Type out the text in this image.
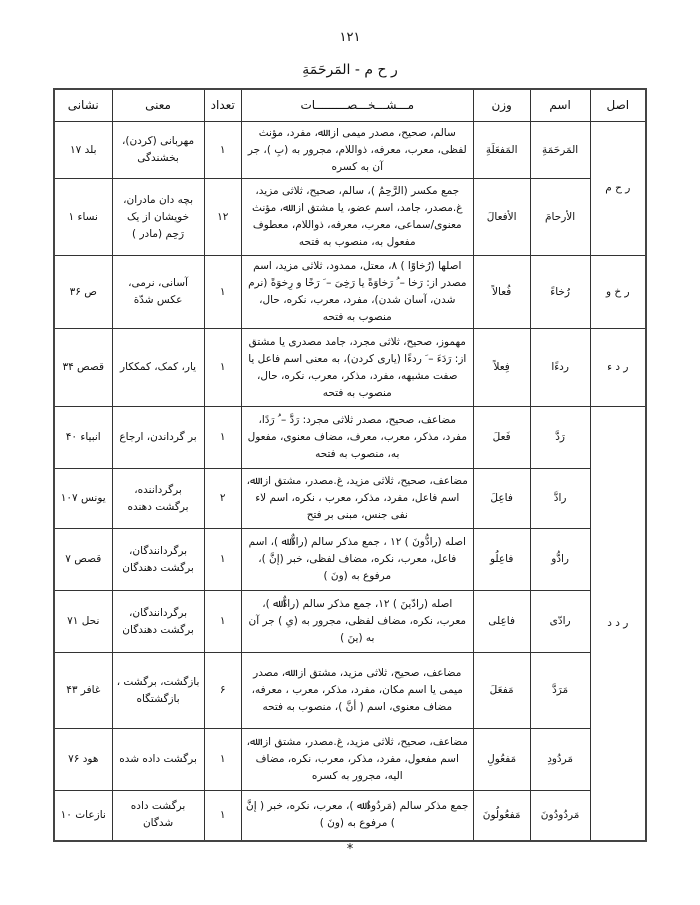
۱۲۱
ر ح م - المَرحَمَةِ
اصل	اسم	وزن	مـــشـــخـــصـــــــــات	تعداد	معنی	نشانی
ر ح م	المَرحَمَةِ	المَفعَلَةِ	سالم، صحیح، مصدر میمی از: ﷲ، مفرد، مؤنث لفظی، معرب، معرفه، ذواللام، مجرور به (بِ )، جر آن به کسره	۱	مهربانی (کردن)، بخشندگی	بلد ۱۷
	الأرحامَ	الأفعالَ	جمع مکسر (الرَّحِمُ )، سالم، صحیح، ثلاثی مزید، غ.مصدر، جامد، اسم عضو، یا مشتق از: ﷲ، مؤنث معنوی/سماعی، معرب، معرفه، ذواللام، معطوف مفعول به، منصوب به فتحه	۱۲	بچه دان مادران، خویشان از یک رَحِم (مادر )	نساء ۱
ر خ و	رُخاءً	فُعالاً	اصلها (رُخاوًا ) ۸، معتل، ممدود، ثلاثی مزید، اسم مصدر از: رَخا – ُ رَخاوَةً یا رَخِیَ – َ رَخًا و رِخوَةً (نرم شدن، آسان شدن)، مفرد، معرب، نکره، حال، منصوب به فتحه	۱	آسانی، نرمی، عکس شدّة	ص ۳۶
ر د ء	ردءًا	فِعلاً	مهموز، صحیح، ثلاثی مجرد، جامد مصدری یا مشتق از: رَدَءَ – َ ردءًا (یاری کردن)، به معنی اسم فاعل یا صفت مشبهه، مفرد، مذکر، معرب، نکره، حال، منصوب به فتحه	۱	یار، کمک، کمککار	قصص ۳۴
ر د د	رَدَّ	فَعلَ	مضاعف، صحیح، مصدر ثلاثی مجرد: رَدَّ – ُ رَدًا، مفرد، مذکر، معرب، معرف، مضاف معنوی، مفعول به، منصوب به فتحه	۱	بر گرداندن، ارجاع	انبیاء ۴۰
	رادَّ	فاعِلَ	مضاعف، صحیح، ثلاثی مزید، غ.مصدر، مشتق از: ﷲ، اسم فاعل، مفرد، مذکر، معرب ، نکره، اسم لاء نفی جنس، مبنی بر فتح	۲	برگرداننده، برگشت دهنده	یونس ۱۰۷
	رادُّو	فاعِلُو	اصله (رادُّونَ ) ۱۲ ، جمع مذکر سالم (رادٌّ ﷲ )، اسم فاعل، معرب، نکره، مضاف لفظی، خبر (إنَّ )، مرفوع به (ونَ )	۱	برگردانندگان، برگشت دهندگان	قصص ۷
	رادّی	فاعِلی	اصله (رادّینَ ) ۱۲، جمع مذکر سالم (رادٌّ ﷲ )، معرب، نکره، مضاف لفظی، مجرور به (یِ ) جر آن به (ینَ )	۱	برگردانندگان، برگشت دهندگان	نحل ۷۱
	مَرَدَّ	مَفعَلَ	مضاعف، صحیح، ثلاثی مزید، مشتق از: ﷲ، مصدر میمی یا اسم مکان، مفرد، مذکر، معرب ، معرفه، مضاف معنوی، اسم ( أنَّ )، منصوب به فتحه	۶	بازگشت، برگشت ، بازگشتگاه	غافر ۴۳
	مَردُودِ	مَفعُولِ	مضاعف، صحیح، ثلاثی مزید، غ.مصدر، مشتق از: ﷲ، اسم مفعول، مفرد، مذکر، معرب، نکره، مضاف الیه، مجرور به کسره	۱	برگشت داده شده	هود ۷۶
	مَردُودُونَ	مَفعُولُونَ	جمع مذکر سالم (مَردُودٌ ﷲ )، معرب، نکره، خبر ( إنَّ ) مرفوع به (ونَ )	۱	برگشت داده شدگان	نازعات ۱۰
*
